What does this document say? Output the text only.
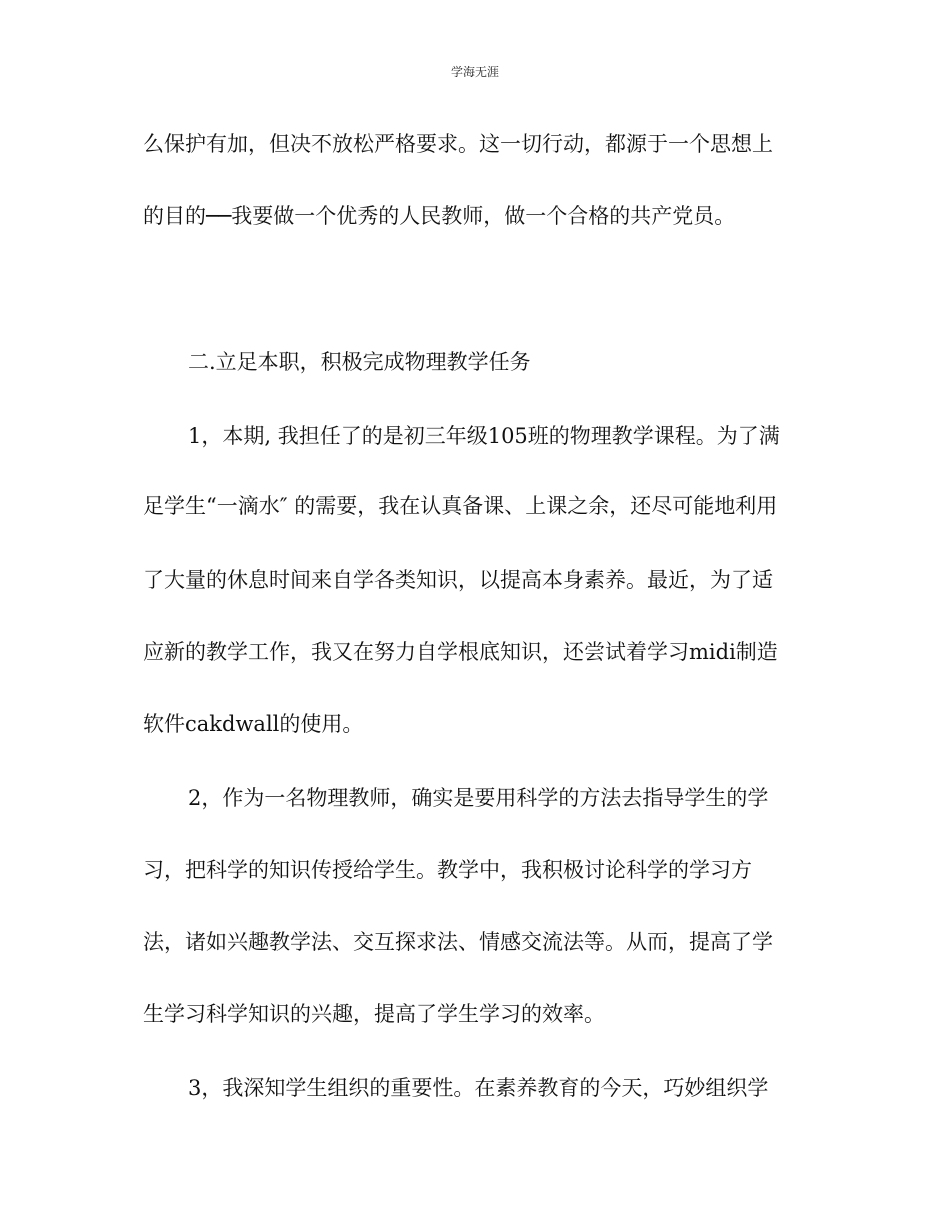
学海无涯
么保护有加，但决不放松严格要求。这一切行动，都源于一个思想上
的目的──我要做一个优秀的人民教师，做一个合格的共产党员。
二.立足本职，积极完成物理教学任务
1，本期, 我担任了的是初三年级105班的物理教学课程。为了满
足学生“一滴水″ 的需要，我在认真备课、上课之余，还尽可能地利用
了大量的休息时间来自学各类知识，以提高本身素养。最近，为了适
应新的教学工作，我又在努力自学根底知识，还尝试着学习midi制造
软件cakdwall的使用。
2，作为一名物理教师，确实是要用科学的方法去指导学生的学
习，把科学的知识传授给学生。教学中，我积极讨论科学的学习方
法，诸如兴趣教学法、交互探求法、情感交流法等。从而，提高了学
生学习科学知识的兴趣，提高了学生学习的效率。
3，我深知学生组织的重要性。在素养教育的今天，巧妙组织学
